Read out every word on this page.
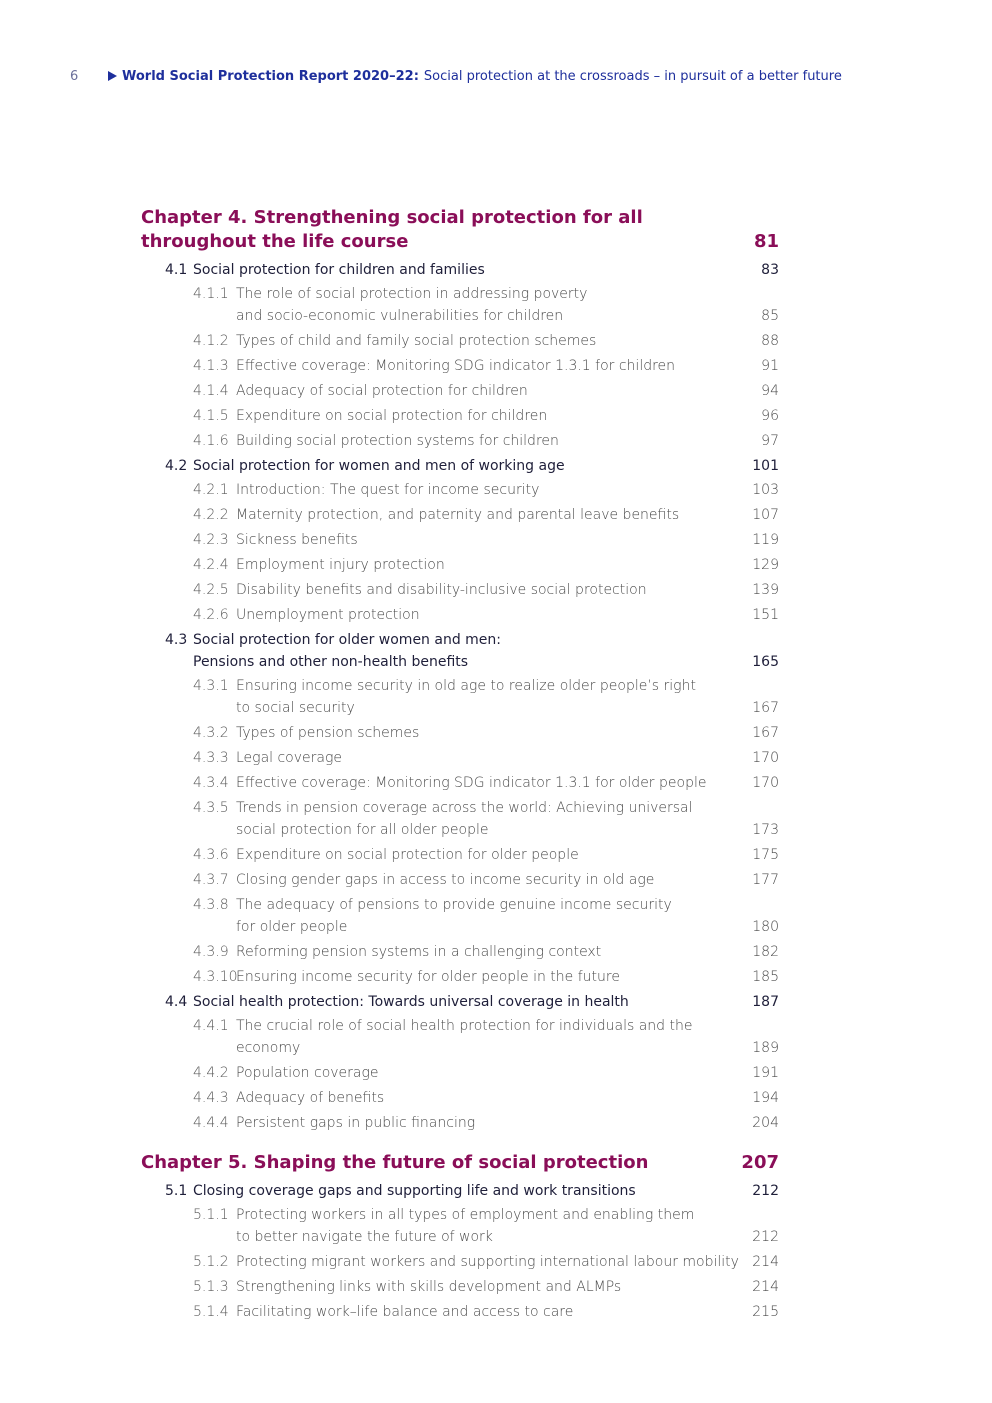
6	World Social Protection Report 2020–22: Social protection at the crossroads – in pursuit of a better future
Chapter 4. Strengthening social protection for all
throughout the life course	81
4.1 Social protection for children and families	83
4.1.1 The role of social protection in addressing poverty
and socio-economic vulnerabilities for children	85
4.1.2 Types of child and family social protection schemes	88
4.1.3 Effective coverage: Monitoring SDG indicator 1.3.1 for children	91
4.1.4 Adequacy of social protection for children	94
4.1.5 Expenditure on social protection for children	96
4.1.6 Building social protection systems for children	97
4.2 Social protection for women and men of working age	101
4.2.1 Introduction: The quest for income security	103
4.2.2 Maternity protection, and paternity and parental leave benefits	107
4.2.3 Sickness benefits	119
4.2.4 Employment injury protection	129
4.2.5 Disability benefits and disability-inclusive social protection	139
4.2.6 Unemployment protection	151
4.3 Social protection for older women and men:
Pensions and other non-health benefits	165
4.3.1 Ensuring income security in old age to realize older people’s right
to social security	167
4.3.2 Types of pension schemes	167
4.3.3 Legal coverage	170
4.3.4 Effective coverage: Monitoring SDG indicator 1.3.1 for older people	170
4.3.5 Trends in pension coverage across the world: Achieving universal
social protection for all older people	173
4.3.6 Expenditure on social protection for older people	175
4.3.7 Closing gender gaps in access to income security in old age	177
4.3.8 The adequacy of pensions to provide genuine income security
for older people	180
4.3.9 Reforming pension systems in a challenging context	182
4.3.10
Ensuring income security for older people in the future	185
4.4 Social health protection: Towards universal coverage in health	187
4.4.1 The crucial role of social health protection for individuals and the economy	189
4.4.2 Population coverage	191
4.4.3 Adequacy of benefits	194
4.4.4 Persistent gaps in public financing	204
Chapter 5. Shaping the future of social protection	207
5.1 Closing coverage gaps and supporting life and work transitions	212
5.1.1 Protecting workers in all types of employment and enabling them
to better navigate the future of work	212
5.1.2 Protecting migrant workers and supporting international labour mobility 214
5.1.3 Strengthening links with skills development and ALMPs	214
5.1.4 Facilitating work–life balance and access to care	215
